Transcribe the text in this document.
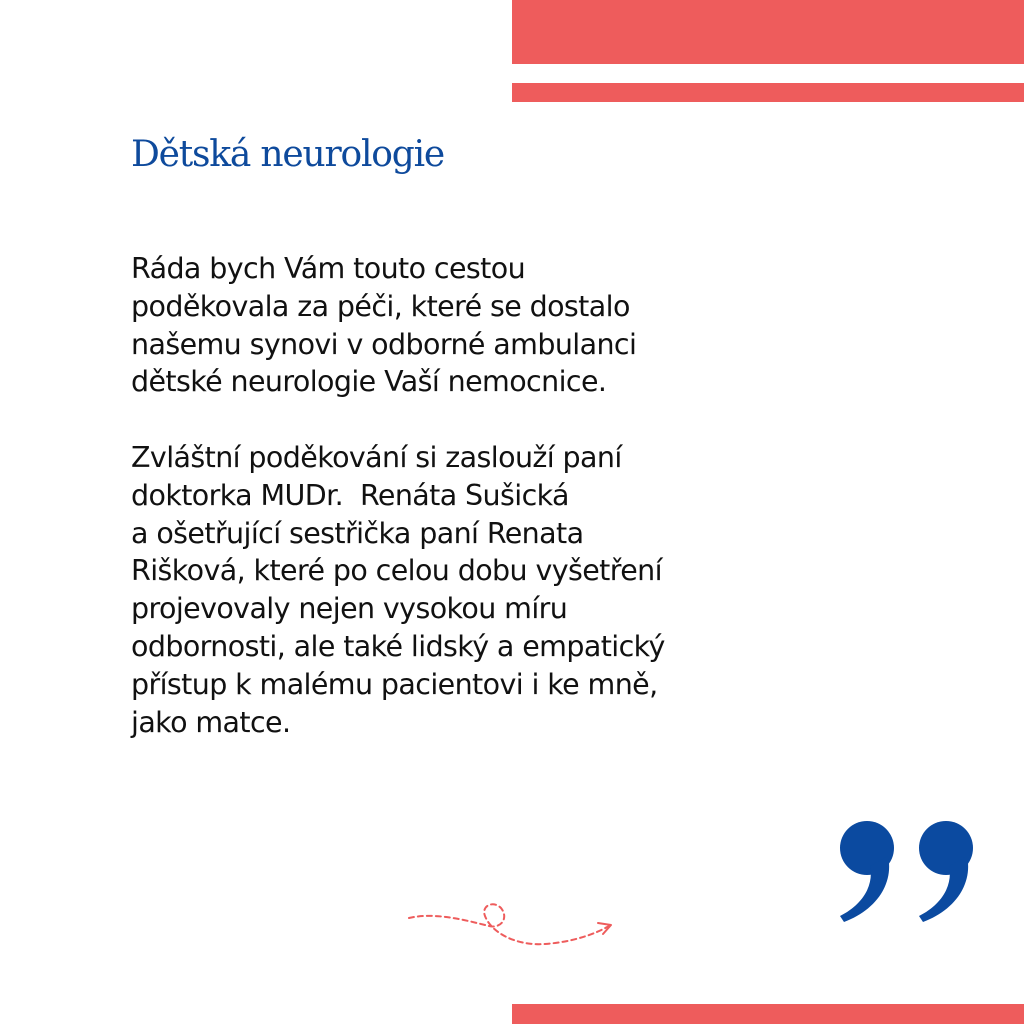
Dětská neurologie
Ráda bych Vám touto cestou
poděkovala za péči, které se dostalo
našemu synovi v odborné ambulanci
dětské neurologie Vaší nemocnice.
Zvláštní poděkování si zaslouží paní
doktorka MUDr.  Renáta Sušická
a ošetřující sestřička paní Renata
Rišková, které po celou dobu vyšetření
projevovaly nejen vysokou míru
odbornosti, ale také lidský a empatický
přístup k malému pacientovi i ke mně,
jako matce.
